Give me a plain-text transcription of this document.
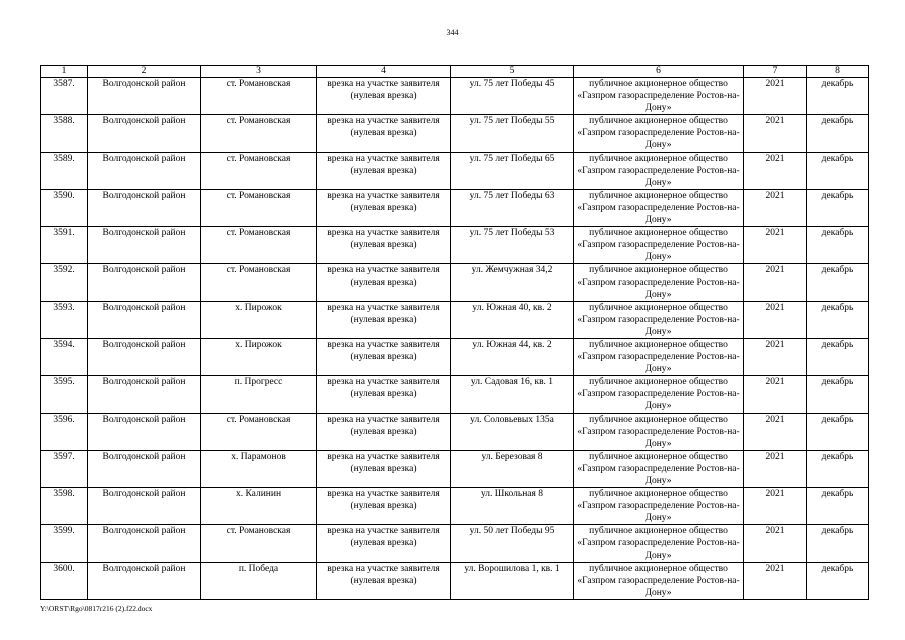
344
1	2	3	4	5	6	7	8
3587.	Волгодонской район	ст. Романовская	врезка на участке заявителя (нулевая врезка)	ул. 75 лет Победы 45	публичное акционерное общество «Газпром газораспределение Ростов-на-Дону»	2021	декабрь
3588.	Волгодонской район	ст. Романовская	врезка на участке заявителя (нулевая врезка)	ул. 75 лет Победы 55	публичное акционерное общество «Газпром газораспределение Ростов-на-Дону»	2021	декабрь
3589.	Волгодонской район	ст. Романовская	врезка на участке заявителя (нулевая врезка)	ул. 75 лет Победы 65	публичное акционерное общество «Газпром газораспределение Ростов-на-Дону»	2021	декабрь
3590.	Волгодонской район	ст. Романовская	врезка на участке заявителя (нулевая врезка)	ул. 75 лет Победы 63	публичное акционерное общество «Газпром газораспределение Ростов-на-Дону»	2021	декабрь
3591.	Волгодонской район	ст. Романовская	врезка на участке заявителя (нулевая врезка)	ул. 75 лет Победы 53	публичное акционерное общество «Газпром газораспределение Ростов-на-Дону»	2021	декабрь
3592.	Волгодонской район	ст. Романовская	врезка на участке заявителя (нулевая врезка)	ул. Жемчужная 34,2	публичное акционерное общество «Газпром газораспределение Ростов-на-Дону»	2021	декабрь
3593.	Волгодонской район	х. Пирожок	врезка на участке заявителя (нулевая врезка)	ул. Южная 40, кв. 2	публичное акционерное общество «Газпром газораспределение Ростов-на-Дону»	2021	декабрь
3594.	Волгодонской район	х. Пирожок	врезка на участке заявителя (нулевая врезка)	ул. Южная 44, кв. 2	публичное акционерное общество «Газпром газораспределение Ростов-на-Дону»	2021	декабрь
3595.	Волгодонской район	п. Прогресс	врезка на участке заявителя (нулевая врезка)	ул. Садовая 16, кв. 1	публичное акционерное общество «Газпром газораспределение Ростов-на-Дону»	2021	декабрь
3596.	Волгодонской район	ст. Романовская	врезка на участке заявителя (нулевая врезка)	ул. Соловьевых 135а	публичное акционерное общество «Газпром газораспределение Ростов-на-Дону»	2021	декабрь
3597.	Волгодонской район	х. Парамонов	врезка на участке заявителя (нулевая врезка)	ул. Березовая 8	публичное акционерное общество «Газпром газораспределение Ростов-на-Дону»	2021	декабрь
3598.	Волгодонской район	х. Калинин	врезка на участке заявителя (нулевая врезка)	ул. Школьная 8	публичное акционерное общество «Газпром газораспределение Ростов-на-Дону»	2021	декабрь
3599.	Волгодонской район	ст. Романовская	врезка на участке заявителя (нулевая врезка)	ул. 50 лет Победы 95	публичное акционерное общество «Газпром газораспределение Ростов-на-Дону»	2021	декабрь
3600.	Волгодонской район	п. Победа	врезка на участке заявителя (нулевая врезка)	ул. Ворошилова 1, кв. 1	публичное акционерное общество «Газпром газораспределение Ростов-на-Дону»	2021	декабрь
Y:\ORST\Rgo\0817r216 (2).f22.docx
